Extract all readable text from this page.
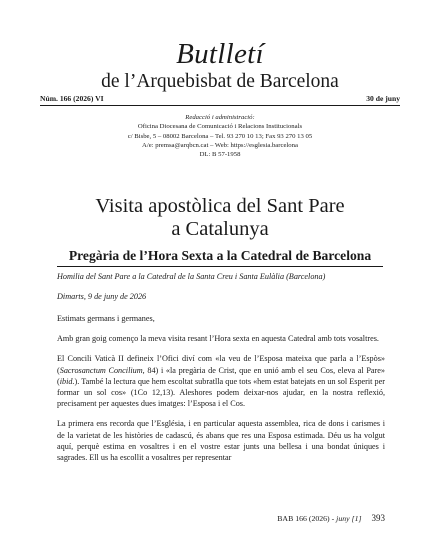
Butlletí
de l’Arquebisbat de Barcelona
Núm. 166 (2026) VI	30 de juny
Redacció i administració:
Oficina Diocesana de Comunicació i Relacions Institucionals
c/ Bisbe, 5 – 08002 Barcelona – Tel. 93 270 10 13; Fax 93 270 13 05
A/e: premsa@arqbcn.cat – Web: https://esglesia.barcelona
DL: B 57-1958
Visita apostòlica del Sant Pare
a Catalunya
Pregària de l’Hora Sexta a la Catedral de Barcelona
Homilia del Sant Pare a la Catedral de la Santa Creu i Santa Eulàlia (Barcelona)
Dimarts, 9 de juny de 2026

Estimats germans i germanes,

Amb gran goig començo la meva visita resant l’Hora sexta en aquesta Catedral amb tots vosaltres.

El Concili Vaticà II defineix l’Ofici diví com «la veu de l’Esposa mateixa que parla a l’Espòs» (Sacrosanctum Concilium, 84) i «la pregària de Crist, que en unió amb el seu Cos, eleva al Pare» (ibid.). També la lectura que hem escoltat subratlla que tots «hem estat batejats en un sol Esperit per formar un sol cos» (1Co 12,13). Aleshores podem deixar-nos ajudar, en la nostra reflexió, precisament per aquestes dues imatges: l’Esposa i el Cos.

La primera ens recorda que l’Església, i en particular aquesta assemblea, rica de dons i carismes i de la varietat de les històries de cadascú, és abans que res una Esposa estimada. Déu us ha volgut aquí, perquè estima en vosaltres i en el vostre estar junts una bellesa i una bondat úniques i sagrades. Ell us ha escollit a vosaltres per representar

BAB 166 (2026) - juny [1] 393
